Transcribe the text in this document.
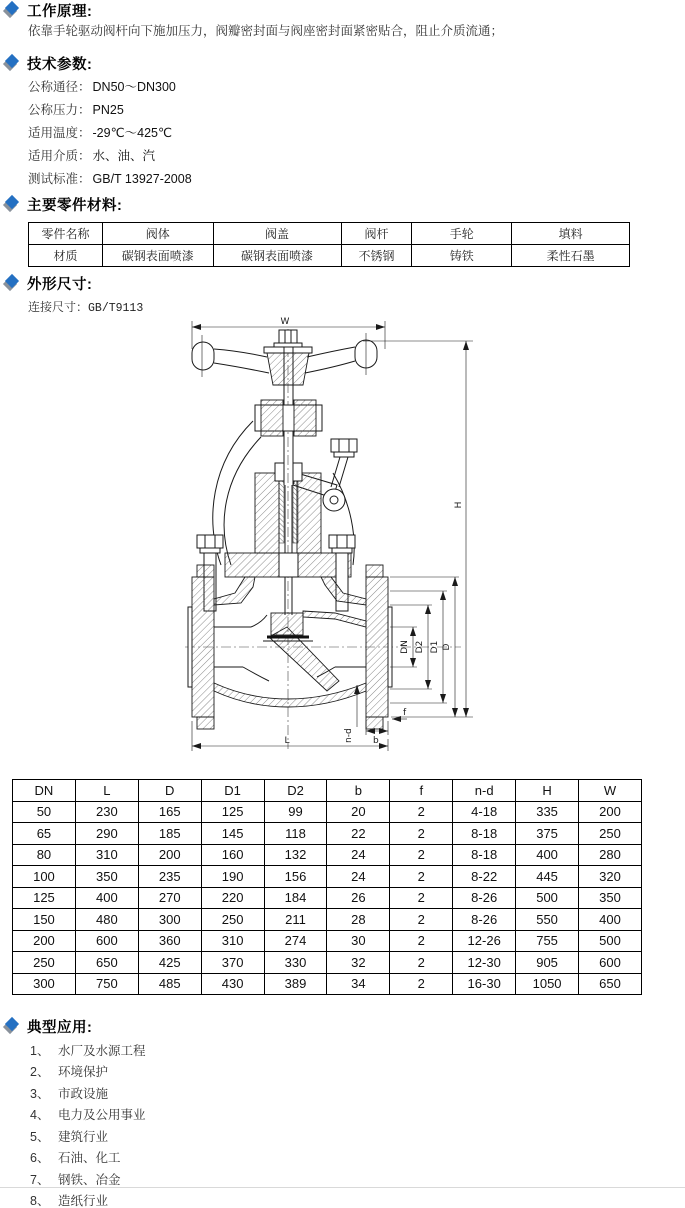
工作原理:
依靠手轮驱动阀杆向下施加压力，阀瓣密封面与阀座密封面紧密贴合，阻止介质流通；
技术参数:
公称通径： DN50～DN300
公称压力： PN25
适用温度： -29℃～425℃
适用介质： 水、油、汽
测试标准： GB/T 13927-2008
主要零件材料:
零件名称	阀体	阀盖	阀杆	手轮	填料
材质	碳钢表面喷漆	碳钢表面喷漆	不锈钢	铸铁	柔性石墨
外形尺寸:
连接尺寸：GB/T9113
W
H
DN D2 D1 D
n-d
f
b
L
DN	L	D	D1	D2	b	f	n-d	H	W
50	230	165	125	99	20	2	4-18	335	200
65	290	185	145	118	22	2	8-18	375	250
80	310	200	160	132	24	2	8-18	400	280
100	350	235	190	156	24	2	8-22	445	320
125	400	270	220	184	26	2	8-26	500	350
150	480	300	250	211	28	2	8-26	550	400
200	600	360	310	274	30	2	12-26	755	500
250	650	425	370	330	32	2	12-30	905	600
300	750	485	430	389	34	2	16-30	1050	650
典型应用:
1、 水厂及水源工程
2、 环境保护
3、 市政设施
4、 电力及公用事业
5、 建筑行业
6、 石油、化工
7、 钢铁、冶金
8、 造纸行业
